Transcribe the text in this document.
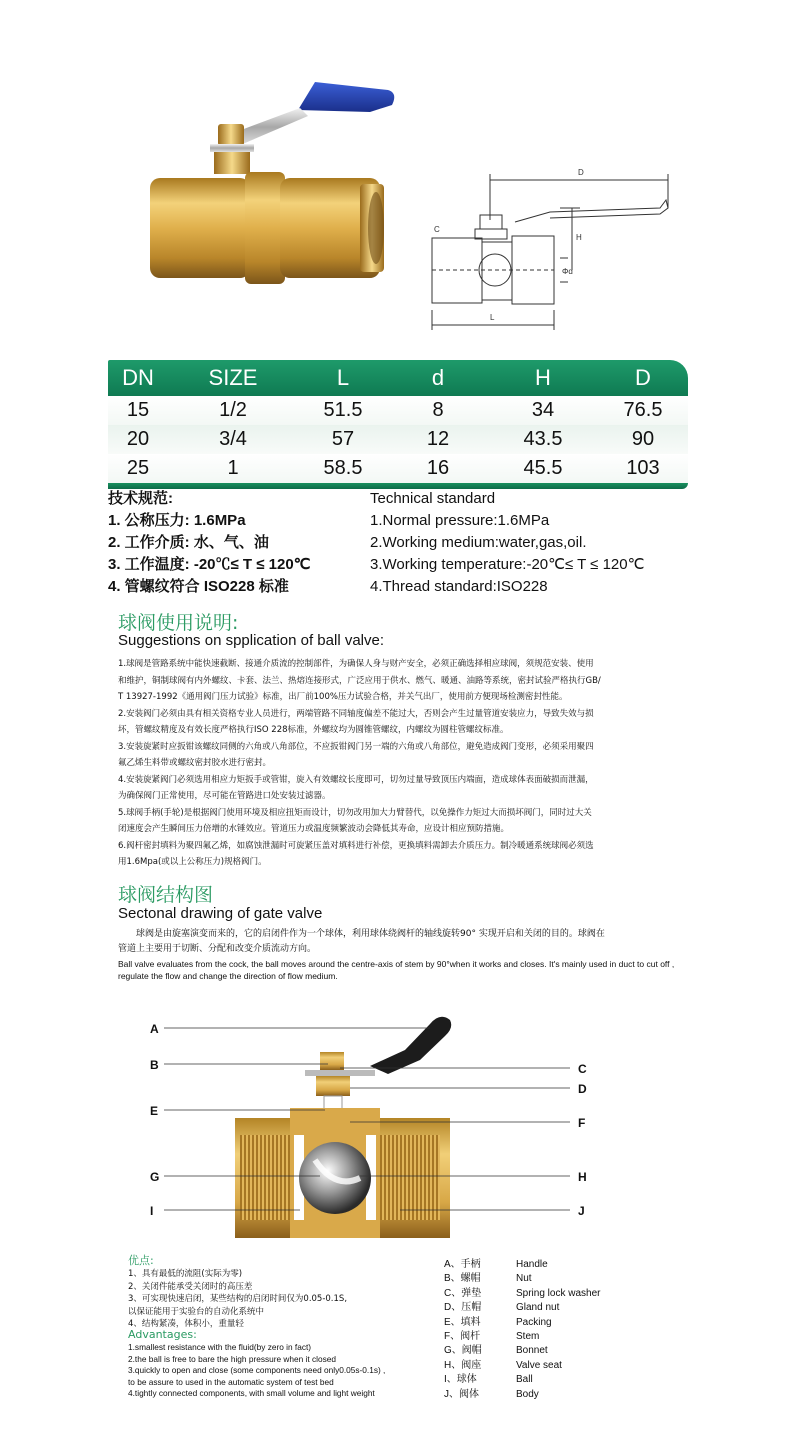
D
H
C
L
Φd
DN	SIZE	L	d	H	D
15	1/2	51.5	8	34	76.5
20	3/4	57	12	43.5	90
25	1	58.5	16	45.5	103
技术规范:
1. 公称压力: 1.6MPa
2. 工作介质: 水、气、油
3. 工作温度: -20℃≤ T ≤ 120℃
4. 管螺纹符合 ISO228 标准
Technical standard
1.Normal pressure:1.6MPa
2.Working medium:water,gas,oil.
3.Working temperature:-20℃≤ T ≤ 120℃
4.Thread standard:ISO228
球阀使用说明:
Suggestions on spplication of ball valve:
1.球阀是管路系统中能快速截断、接通介质流的控制部件，为确保人身与财产安全，必须正确选择相应球阀，须规范安装、使用
和维护，铜制球阀有内外螺纹、卡套、法兰、热熔连接形式，广泛应用于供水、燃气、暖通、油路等系统，密封试验严格执行GB/
T 13927-1992《通用阀门压力试验》标准，出厂前100%压力试验合格，并关气出厂，使用前方便现场检测密封性能。
2.安装阀门必须由具有相关资格专业人员进行，两端管路不同轴度偏差不能过大，否则会产生过量管道安装应力，导致失效与损
坏，管螺纹精度及有效长度严格执行ISO 228标准，外螺纹均为圆锥管螺纹，内螺纹为圆柱管螺纹标准。
3.安装旋紧时应扳钳该螺纹同侧的六角或八角部位，不应扳钳阀门另一端的六角或八角部位，避免造成阀门变形，必须采用聚四
氟乙烯生料带或螺纹密封胶水进行密封。
4.安装旋紧阀门必须选用相应力矩扳手或管钳，旋入有效螺纹长度即可，切勿过量导致顶压内端面，造成球体表面破损而泄漏，
为确保阀门正常使用，尽可能在管路进口处安装过滤器。
5.球阀手柄(手轮)是根据阀门使用环境及相应扭矩而设计，切勿改用加大力臂替代，以免操作力矩过大而损坏阀门，同时过大关
闭速度会产生瞬间压力倍增的水锤效应。管道压力或温度频繁波动会降低其寿命，应设计相应预防措施。
6.阀杆密封填料为聚四氟乙烯，如腐蚀泄漏时可旋紧压盖对填料进行补偿，更换填料需卸去介质压力。制冷暖通系统球阀必须选
用1.6Mpa(或以上公称压力)规格阀门。
球阀结构图
Sectonal drawing of gate valve
球阀是由旋塞演变而来的，它的启闭件作为一个球体，利用球体绕阀杆的轴线旋转90° 实现开启和关闭的目的。球阀在
管道上主要用于切断、分配和改变介质流动方向。
Ball valve evaluates from the cock, the ball moves around the centre-axis of stem by 90°when it works and closes. It's mainly used in duct to cut off ,
regulate the flow and change the direction of flow medium.
A
B
E
G
I
C
D
F
H
J
优点:
1、具有最低的流阻(实际为零)
2、关闭件能承受关闭时的高压差
3、可实现快速启闭，某些结构的启闭时间仅为0.05-0.1S,
以保证能用于实验台的自动化系统中
4、结构紧凑，体积小，重量轻
Advantages:
1.smallest resistance with the fluid(by zero in fact)
2.the ball is free to bare the high pressure when it closed
3.quickly to open and close (some components need only0.05s-0.1s) ,
to be assure to used in the automatic system of test bed
4.tightly connected components, with small volume and light weight
A、手柄	Handle
B、螺帽	Nut
C、弹垫	Spring lock washer
D、压帽	Gland nut
E、填料	Packing
F、阀杆	Stem
G、阀帽	Bonnet
H、阀座	Valve seat
I、球体	Ball
J、阀体	Body
